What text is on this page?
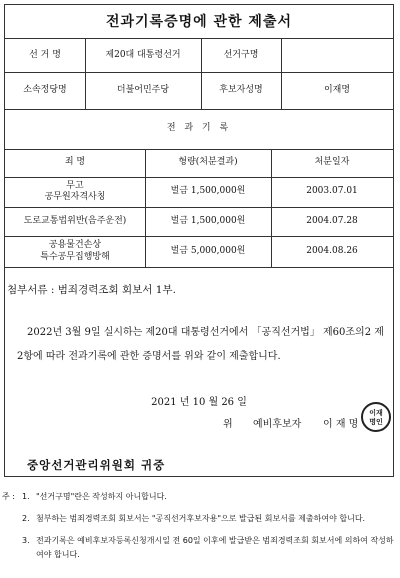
전과기록증명에 관한 제출서
선 거 명	제20대 대통령선거	선거구명
소속정당명	더불어민주당	후보자성명	이재명
전 과 기 록
죄 명	형량(처분결과)	처분일자
무고
공무원자격사칭
벌금 1,500,000원	2003.07.01
도로교통법위반(음주운전)	벌금 1,500,000원	2004.07.28
공용물건손상
특수공무집행방해
벌금 5,000,000원	2004.08.26
첨부서류 : 범죄경력조회 회보서 1부.
2022년 3월 9일 실시하는 제20대 대통령선거에서 「공직선거법」 제60조의2 제2항에 따라 전과기록에 관한 증명서를 위와 같이 제출합니다.
2021 년 10 월 26 일
위 예비후보자 이 재 명
이재
명인
중앙선거관리위원회 귀중
주 : 1. "선거구명"란은 작성하지 아니합니다.
2. 첨부하는 범죄경력조회 회보서는 "공직선거후보자용"으로 발급된 회보서를 제출하여야 합니다.
3. 전과기록은 예비후보자등록신청개시일 전 60일 이후에 발급받은 범죄경력조회 회보서에 의하여 작성하여야 합니다.
